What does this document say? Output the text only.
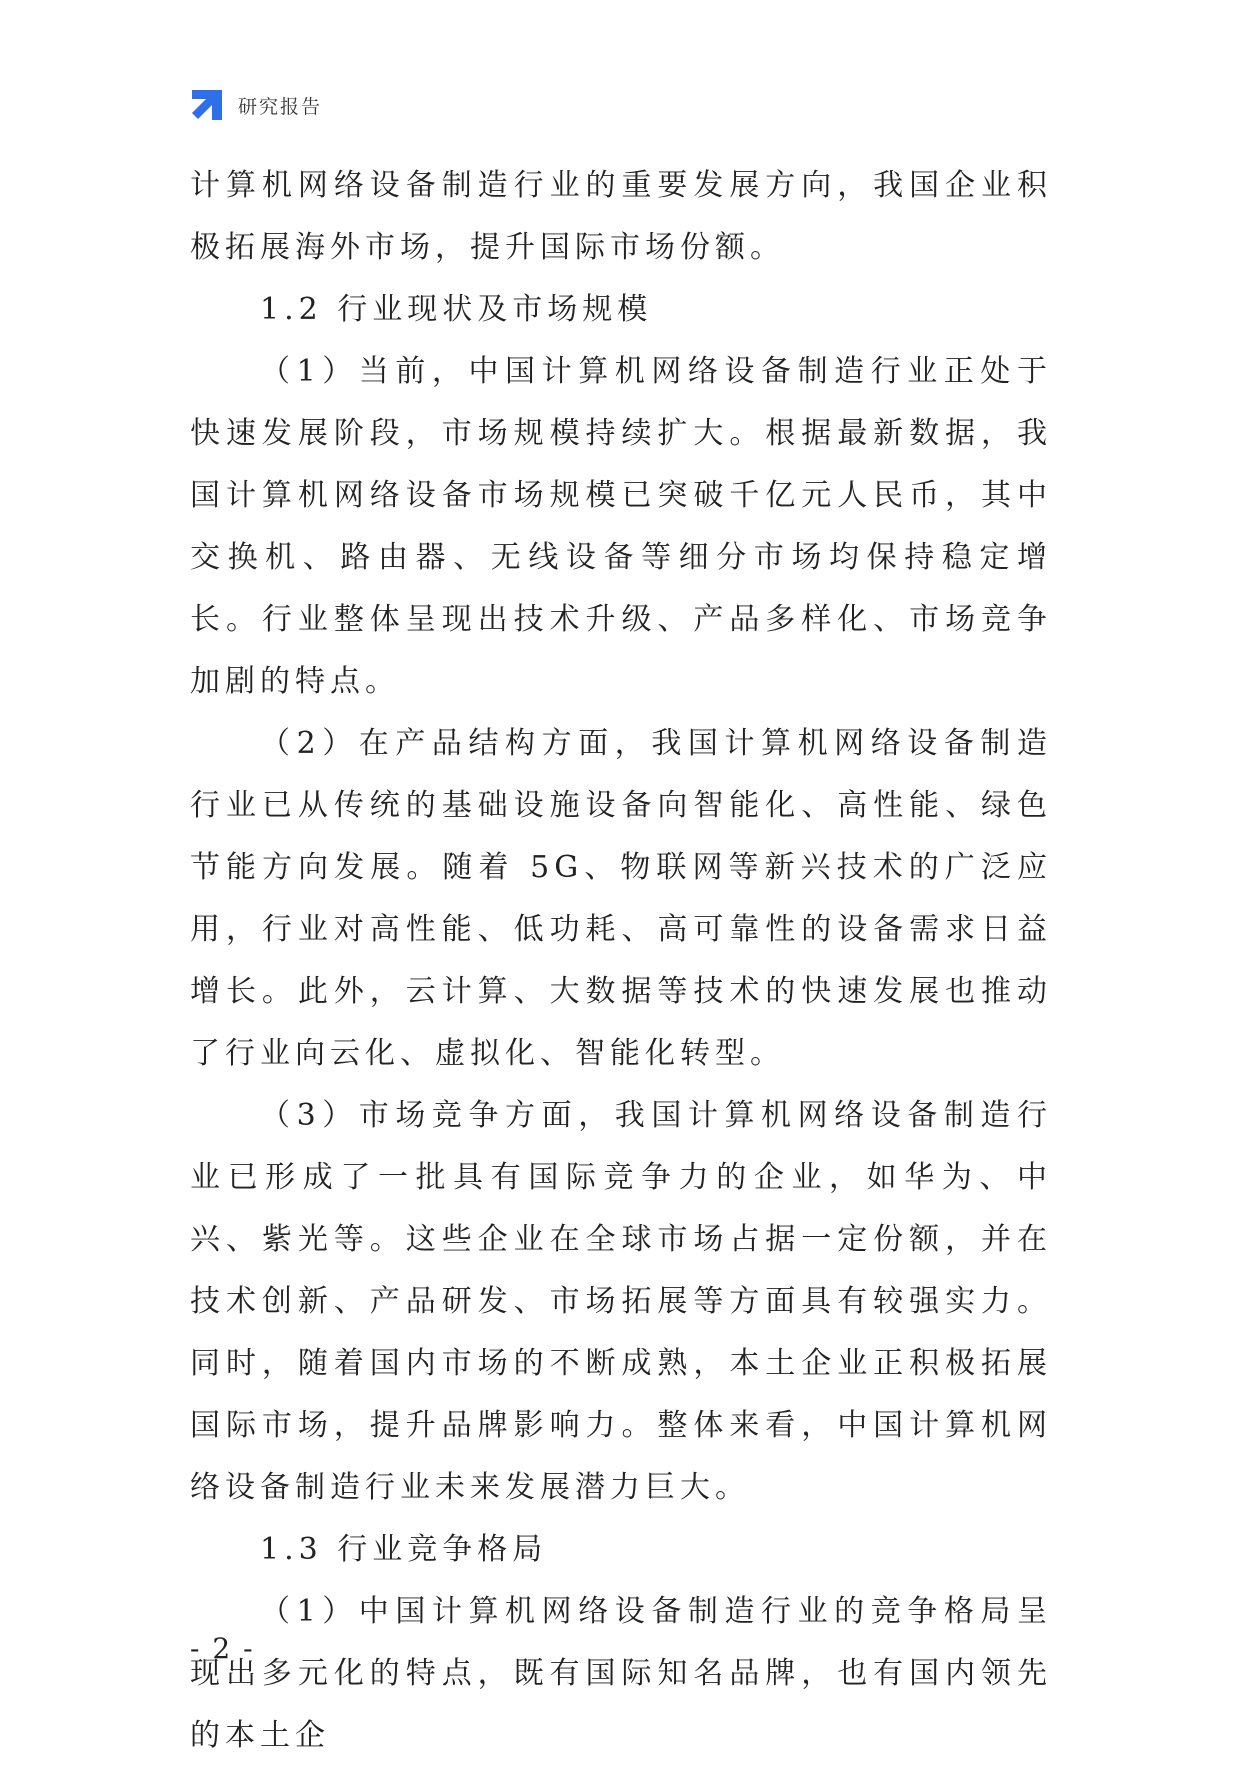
研究报告

计算机网络设备制造行业的重要发展方向，我国企业积极拓展海外市场，提升国际市场份额。

1.2 行业现状及市场规模

（1）当前，中国计算机网络设备制造行业正处于快速发展阶段，市场规模持续扩大。根据最新数据，我国计算机网络设备市场规模已突破千亿元人民币，其中交换机、路由器、无线设备等细分市场均保持稳定增长。行业整体呈现出技术升级、产品多样化、市场竞争加剧的特点。

（2）在产品结构方面，我国计算机网络设备制造行业已从传统的基础设施设备向智能化、高性能、绿色节能方向发展。随着 5G、物联网等新兴技术的广泛应用，行业对高性能、低功耗、高可靠性的设备需求日益增长。此外，云计算、大数据等技术的快速发展也推动了行业向云化、虚拟化、智能化转型。

（3）市场竞争方面，我国计算机网络设备制造行业已形成了一批具有国际竞争力的企业，如华为、中兴、紫光等。这些企业在全球市场占据一定份额，并在技术创新、产品研发、市场拓展等方面具有较强实力。同时，随着国内市场的不断成熟，本土企业正积极拓展国际市场，提升品牌影响力。整体来看，中国计算机网络设备制造行业未来发展潜力巨大。

1.3 行业竞争格局

（1）中国计算机网络设备制造行业的竞争格局呈现出多元化的特点，既有国际知名品牌，也有国内领先的本土企

- 2 -
